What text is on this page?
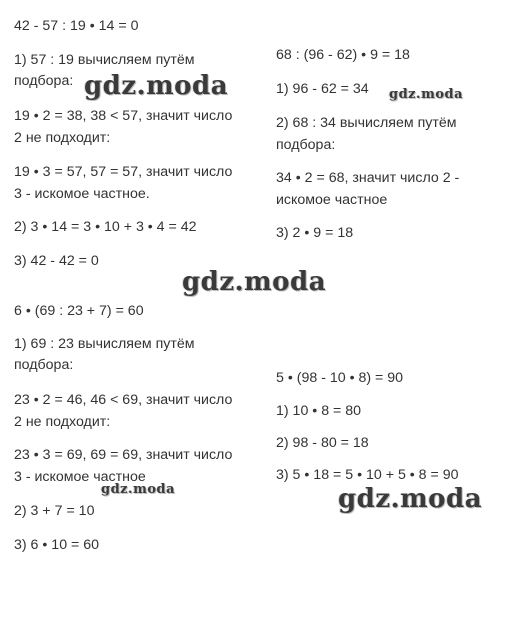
42 - 57 : 19 • 14 = 0
1) 57 : 19 вычисляем путём
подбора:
19 • 2 = 38, 38 < 57, значит число
2 не подходит:
19 • 3 = 57, 57 = 57, значит число
3 - искомое частное.
2) 3 • 14 = 3 • 10 + 3 • 4 = 42
3) 42 - 42 = 0
6 • (69 : 23 + 7) = 60
1) 69 : 23 вычисляем путём
подбора:
23 • 2 = 46, 46 < 69, значит число
2 не подходит:
23 • 3 = 69, 69 = 69, значит число
3 - искомое частное
2) 3 + 7 = 10
3) 6 • 10 = 60
68 : (96 - 62) • 9 = 18
1) 96 - 62 = 34
2) 68 : 34 вычисляем путём
подбора:
34 • 2 = 68, значит число 2 -
искомое частное
3) 2 • 9 = 18
5 • (98 - 10 • 8) = 90
1) 10 • 8 = 80
2) 98 - 80 = 18
3) 5 • 18 = 5 • 10 + 5 • 8 = 90
gdz.moda	gdz.moda
gdz.moda
gdz.moda	gdz.moda
